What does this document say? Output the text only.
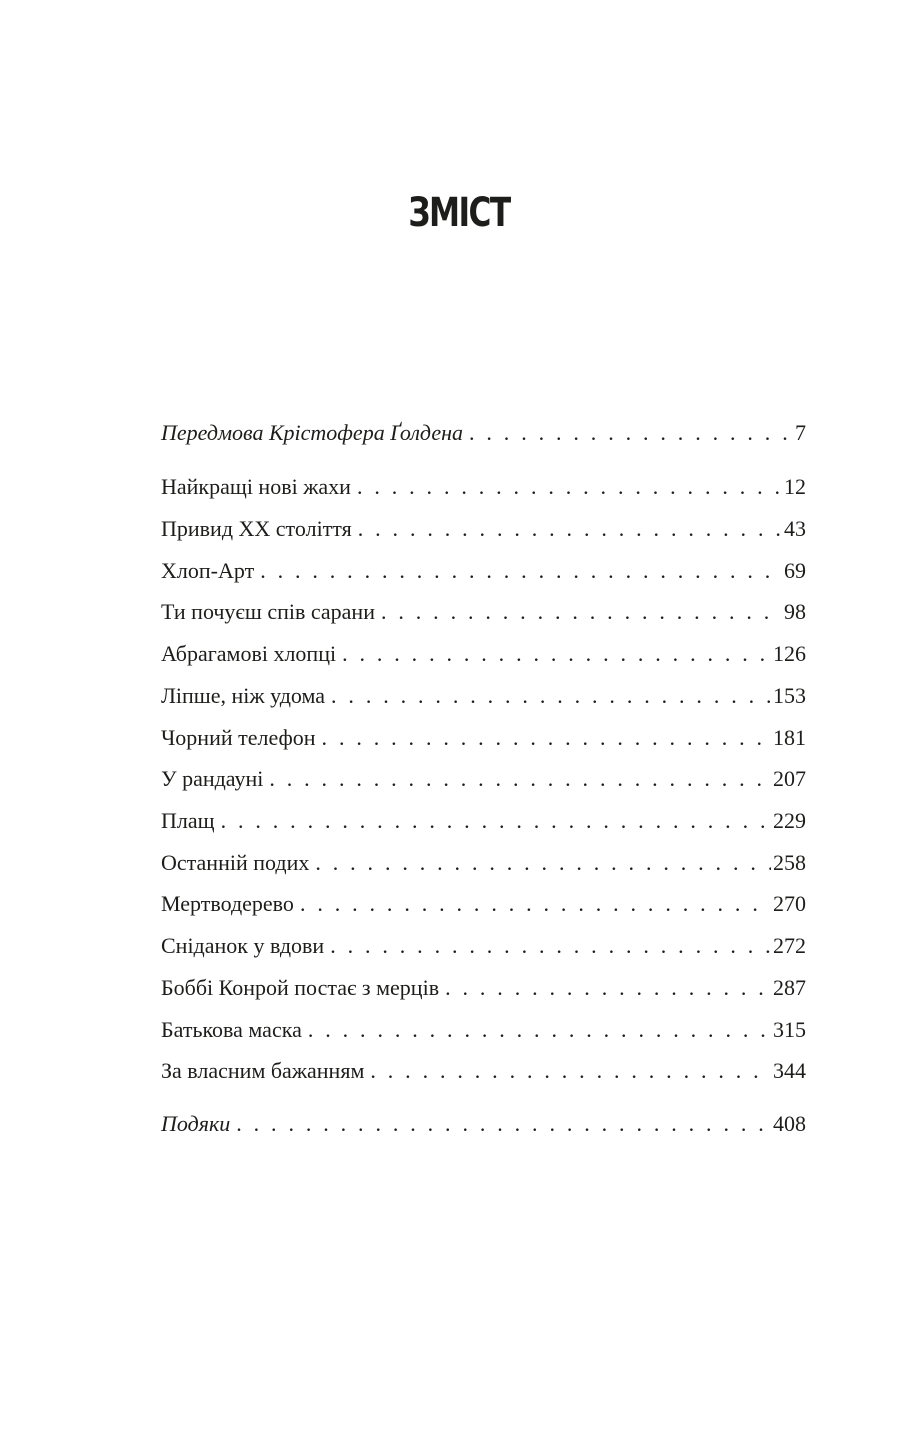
ЗМІСТ
Передмова Крістофера Ґолдена . . .	7
Найкращі нові жахи . . .	12
Привид ХХ століття . . .	43
Хлоп-Арт . . .	69
Ти почуєш спів сарани . . .	98
Абрагамові хлопці . . .	126
Ліпше, ніж удома . . .	153
Чорний телефон . . .	181
У рандауні . . .	207
Плащ . . .	229
Останній подих . . .	258
Мертводерево . . .	270
Сніданок у вдови . . .	272
Боббі Конрой постає з мерців . . .	287
Батькова маска . . .	315
За власним бажанням . . .	344
Подяки . . .	408
